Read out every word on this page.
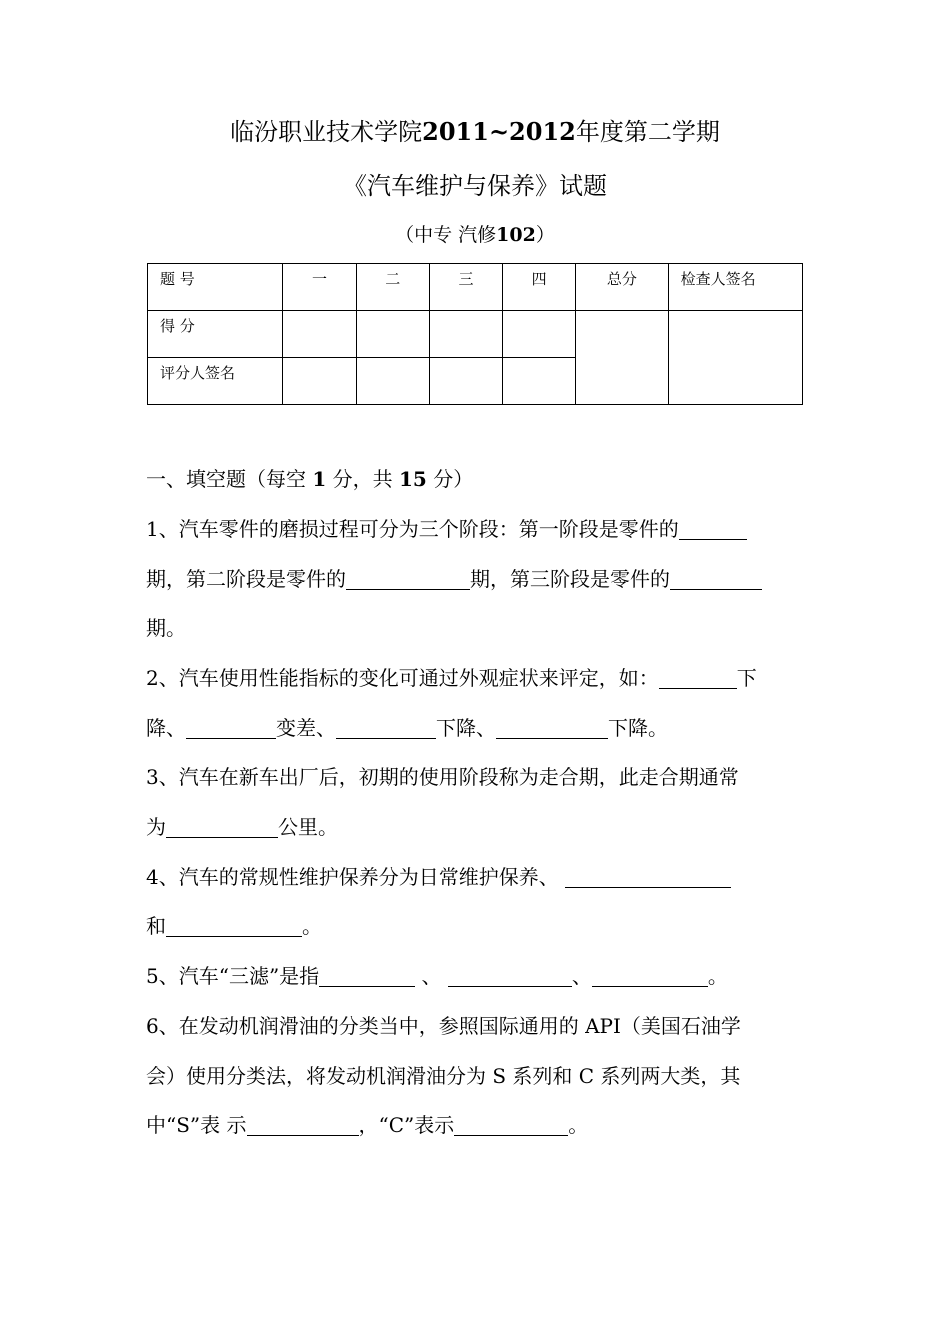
临汾职业技术学院2011~2012年度第二学期
《汽车维护与保养》试题
（中专 汽修102）
题 号	一	二	三	四	总分	检查人签名

得 分						

评分人签名						

一、填空题（每空 1 分，共 15 分）
1、汽车零件的磨损过程可分为三个阶段：第一阶段是零件的
期，第二阶段是零件的	期，第三阶段是零件的
期。
2、汽车使用性能指标的变化可通过外观症状来评定，如：	下
降、	变差、	下降、	下降。
3、汽车在新车出厂后，初期的使用阶段称为走合期，此走合期通常
为	公里。
4、汽车的常规性维护保养分为日常维护保养、
和	。
5、汽车“三滤”是指	、	、	。
6、在发动机润滑油的分类当中，参照国际通用的 API（美国石油学
会）使用分类法，将发动机润滑油分为 S 系列和 C 系列两大类，其
中“S”表 示	，“C”表示	。
